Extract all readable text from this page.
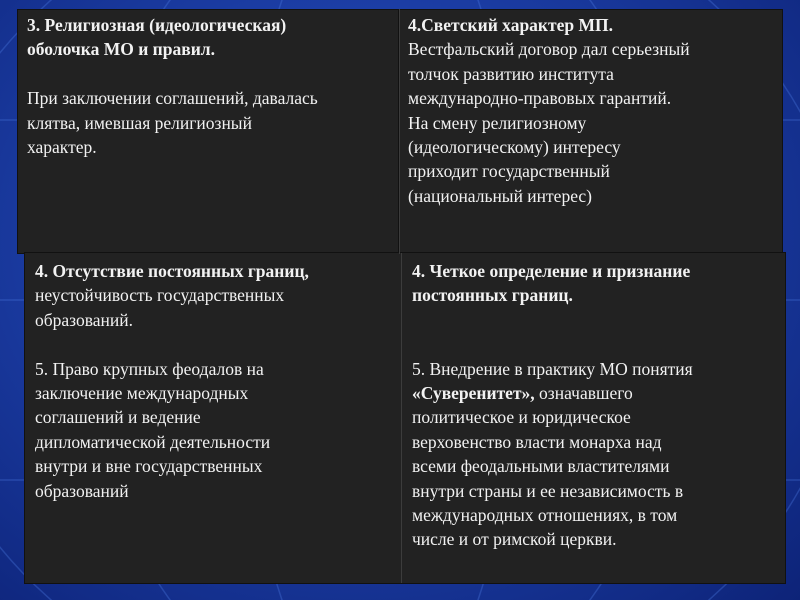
3. Религиозная (идеологическая)

оболочка МО и правил.

При заключении соглашений, давалась

клятва, имевшая религиозный

характер.

4.Светский характер МП.

Вестфальский договор дал серьезный

толчок развитию института

международно-правовых гарантий.

На смену религиозному

(идеологическому) интересу

приходит государственный

(национальный интерес)

4. Отсутствие постоянных границ,

неустойчивость государственных

образований.

5. Право крупных феодалов на

заключение международных

соглашений и ведение

дипломатической деятельности

внутри и вне государственных

образований

4. Четкое определение и признание

постоянных границ.

5. Внедрение в практику МО понятия

«Суверенитет», означавшего

политическое и юридическое

верховенство власти монарха над

всеми феодальными властителями

внутри страны и ее независимость в

международных отношениях, в том

числе и от римской церкви.
